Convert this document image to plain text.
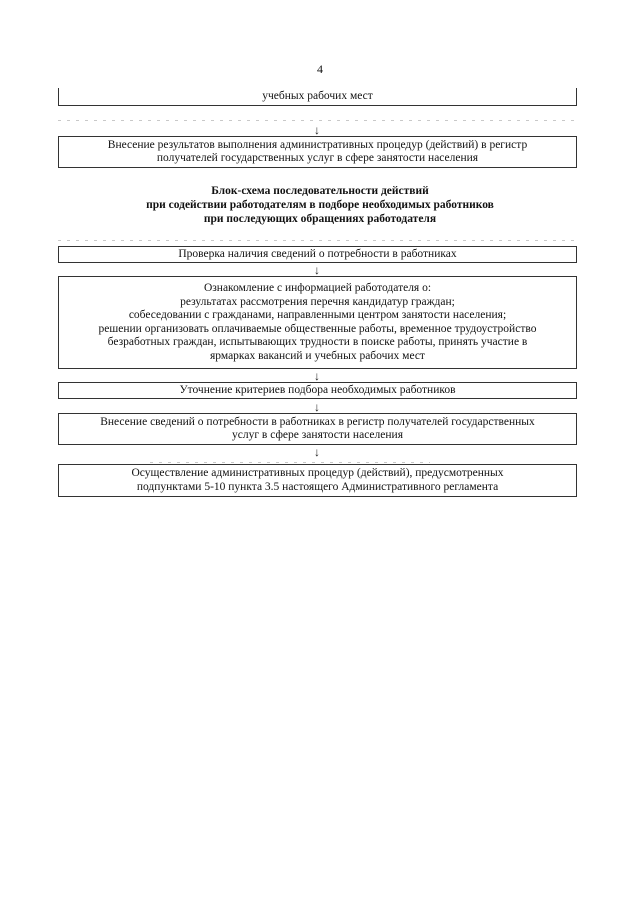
4
учебных рабочих мест
↓
Внесение результатов выполнения административных процедур (действий) в регистр
получателей государственных услуг в сфере занятости населения
Блок-схема последовательности действий
при содействии работодателям в подборе необходимых работников
при последующих обращениях работодателя
Проверка наличия сведений о потребности в работниках
↓
Ознакомление с информацией работодателя о:
результатах рассмотрения перечня кандидатур граждан;
собеседовании с гражданами, направленными центром занятости населения;
решении организовать оплачиваемые общественные работы, временное трудоустройство
безработных граждан, испытывающих трудности в поиске работы, принять участие в
ярмарках вакансий и учебных рабочих мест
↓
Уточнение критериев подбора необходимых работников
↓
Внесение сведений о потребности в работниках в регистр получателей государственных
услуг в сфере занятости населения
↓
Осуществление административных процедур (действий), предусмотренных
подпунктами 5-10 пункта 3.5 настоящего Административного регламента
